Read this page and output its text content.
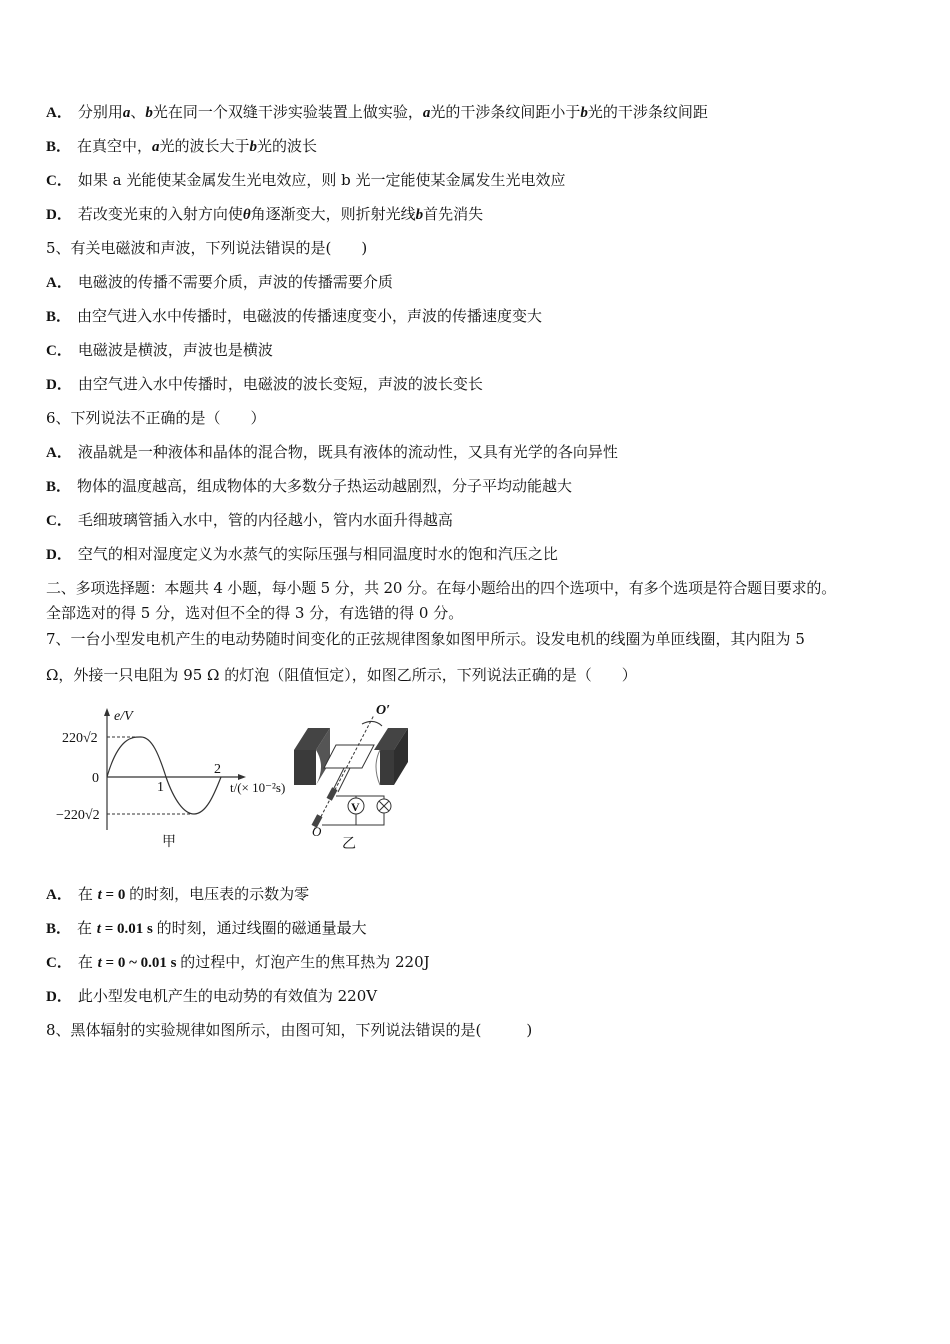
A． 分别用a、b光在同一个双缝干涉实验装置上做实验，a光的干涉条纹间距小于b光的干涉条纹间距
B． 在真空中，a光的波长大于b光的波长
C． 如果 a 光能使某金属发生光电效应，则 b 光一定能使某金属发生光电效应
D． 若改变光束的入射方向使θ角逐渐变大，则折射光线b首先消失
5、有关电磁波和声波，下列说法错误的是(　　)
A． 电磁波的传播不需要介质，声波的传播需要介质
B． 由空气进入水中传播时，电磁波的传播速度变小，声波的传播速度变大
C． 电磁波是横波，声波也是横波
D． 由空气进入水中传播时，电磁波的波长变短，声波的波长变长
6、下列说法不正确的是（　　）
A． 液晶就是一种液体和晶体的混合物，既具有液体的流动性，又具有光学的各向异性
B． 物体的温度越高，组成物体的大多数分子热运动越剧烈，分子平均动能越大
C． 毛细玻璃管插入水中，管的内径越小，管内水面升得越高
D． 空气的相对湿度定义为水蒸气的实际压强与相同温度时水的饱和汽压之比
二、多项选择题：本题共 4 小题，每小题 5 分，共 20 分。在每小题给出的四个选项中，有多个选项是符合题目要求的。
全部选对的得 5 分，选对但不全的得 3 分，有选错的得 0 分。
7、一台小型发电机产生的电动势随时间变化的正弦规律图象如图甲所示。设发电机的线圈为单匝线圈，其内阻为 5
Ω，外接一只电阻为 95 Ω 的灯泡（阻值恒定），如图乙所示，下列说法正确的是（　　）
e/V
220√2
0
−220√2
1
2
t/(× 10⁻²s)
甲
V
O′
O
乙
A． 在 t = 0 的时刻，电压表的示数为零
B． 在 t = 0.01 s 的时刻，通过线圈的磁通量最大
C． 在 t = 0 ~ 0.01 s 的过程中，灯泡产生的焦耳热为 220J
D． 此小型发电机产生的电动势的有效值为 220V
8、黑体辐射的实验规律如图所示，由图可知，下列说法错误的是(　　　)
